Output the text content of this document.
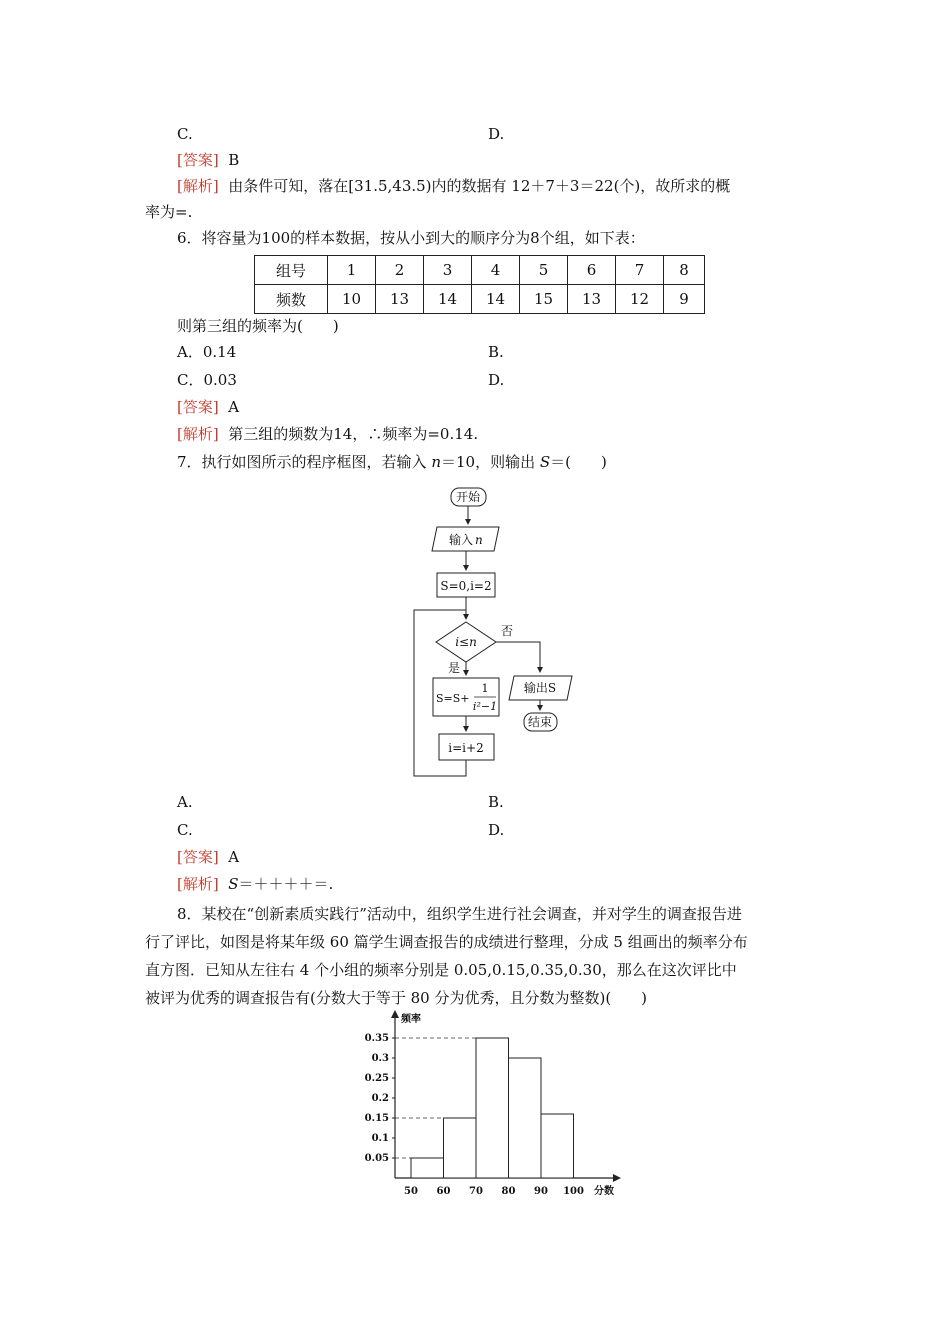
C.	D.
[答案] B
[解析] 由条件可知，落在[31.5,43.5)内的数据有 12＋7＋3＝22(个)，故所求的概
率为=.
6．将容量为100的样本数据，按从小到大的顺序分为8个组，如下表：
组号	1	2	3	4	5	6	7	8
频数	10	13	14	14	15	13	12	9
则第三组的频率为(　　)
A．0.14	B.
C．0.03	D.
[答案] A
[解析] 第三组的频数为14，∴频率为=0.14.
7．执行如图所示的程序框图，若输入 n＝10，则输出 S＝(　　)
开始
输入 n
S=0,i=2
i≤n
否
是
S=S+
1
i²−1
i=i+2
输出S
结束
A.	B.
C.	D.
[答案] A
[解析] S＝＋＋＋＋＝.
8．某校在“创新素质实践行”活动中，组织学生进行社会调查，并对学生的调查报告进
行了评比，如图是将某年级 60 篇学生调查报告的成绩进行整理，分成 5 组画出的频率分布
直方图．已知从左往右 4 个小组的频率分别是 0.05,0.15,0.35,0.30，那么在这次评比中
被评为优秀的调查报告有(分数大于等于 80 分为优秀，且分数为整数)(　　)
频率
0.35
0.3
0.25
0.2
0.15
0.1
0.05
50 60 70 80 90 100 分数
